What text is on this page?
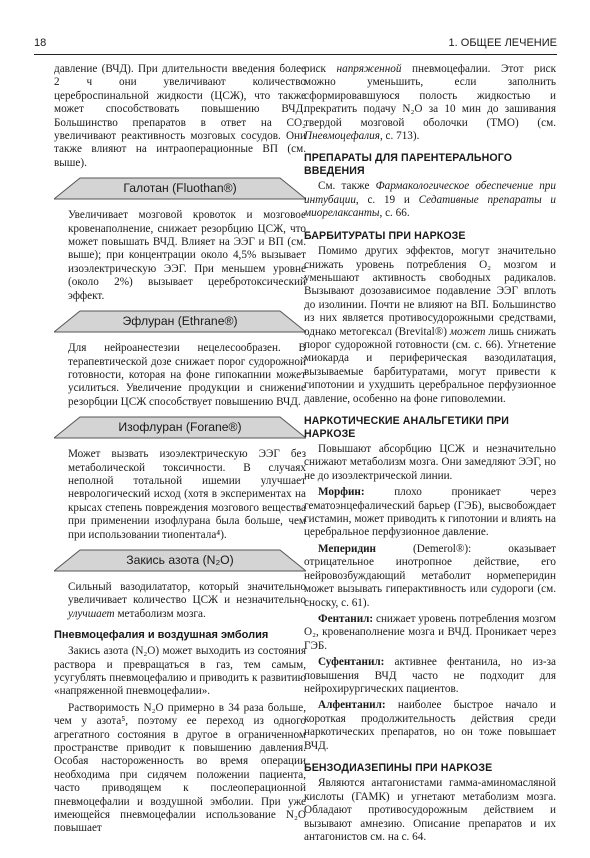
18	1. ОБЩЕЕ ЛЕЧЕНИЕ

давление (ВЧД). При длительности введения более 2 ч они увеличивают количество цереброспинальной жидкости (ЦСЖ), что также может способствовать повышению ВЧД. Большинство препаратов в ответ на CO₂ увеличивают реактивность мозговых сосудов. Они также влияют на интраоперационные ВП (см. выше).

Галотан (Fluothan®)

Увеличивает мозговой кровоток и мозговое кровенаполнение, снижает резорбцию ЦСЖ, что может повышать ВЧД. Влияет на ЭЭГ и ВП (см. выше); при концентрации около 4,5% вызывает изоэлектрическую ЭЭГ. При меньшем уровне (около 2%) вызывает церебротоксический эффект.

Эфлуран (Ethrane®)

Для нейроанестезии нецелесообразен. В терапевтической дозе снижает порог судорожной готовности, которая на фоне гипокапнии может усилиться. Увеличение продукции и снижение резорбции ЦСЖ способствует повышению ВЧД.

Изофлуран (Forane®)

Может вызвать изоэлектрическую ЭЭГ без метаболической токсичности. В случаях неполной тотальной ишемии улучшает неврологический исход (хотя в экспериментах на крысах степень повреждения мозгового вещества при применении изофлурана была больше, чем при использовании тиопентала⁴).

Закись азота (N₂O)

Сильный вазодилататор, который значительно увеличивает количество ЦСЖ и незначительно улучшает метаболизм мозга.

Пневмоцефалия и воздушная эмболия

Закись азота (N₂O) может выходить из состояния раствора и превращаться в газ, тем самым, усугублять пневмоцефалию и приводить к развитию «напряженной пневмоцефалии».

Растворимость N₂O примерно в 34 раза больше, чем у азота⁵, поэтому ее переход из одного агрегатного состояния в другое в ограниченном пространстве приводит к повышению давления. Особая настороженность во время операции необходима при сидячем положении пациента, часто приводящем к послеоперационной пневмоцефалии и воздушной эмболии. При уже имеющейся пневмоцефалии использование N₂O повышает

риск напряженной пневмоцефалии. Этот риск можно уменьшить, если заполнить сформировавшуюся полость жидкостью и прекратить подачу N₂O за 10 мин до зашивания твердой мозговой оболочки (ТМО) (см. Пневмоцефалия, с. 713).

ПРЕПАРАТЫ ДЛЯ ПАРЕНТЕРАЛЬНОГО ВВЕДЕНИЯ

См. также Фармакологическое обеспечение при интубации, с. 19 и Седативные препараты и миорелаксанты, с. 66.

БАРБИТУРАТЫ ПРИ НАРКОЗЕ

Помимо других эффектов, могут значительно снижать уровень потребления O₂ мозгом и уменьшают активность свободных радикалов. Вызывают дозозависимое подавление ЭЭГ вплоть до изолинии. Почти не влияют на ВП. Большинство из них является противосудорожными средствами, однако метогексал (Brevital®) может лишь снижать порог судорожной готовности (см. с. 66). Угнетение миокарда и периферическая вазодилатация, вызываемые барбитуратами, могут привести к гипотонии и ухудшить церебральное перфузионное давление, особенно на фоне гиповолемии.

НАРКОТИЧЕСКИЕ АНАЛЬГЕТИКИ ПРИ НАРКОЗЕ

Повышают абсорбцию ЦСЖ и незначительно снижают метаболизм мозга. Они замедляют ЭЭГ, но не до изоэлектрической линии.

Морфин: плохо проникает через гематоэнцефалический барьер (ГЭБ), высвобождает гистамин, может приводить к гипотонии и влиять на церебральное перфузионное давление.

Меперидин (Demerol®): оказывает отрицательное инотропное действие, его нейровозбуждающий метаболит нормеперидин может вызывать гиперактивность или судороги (см. сноску, с. 61).

Фентанил: снижает уровень потребления мозгом O₂, кровенаполнение мозга и ВЧД. Проникает через ГЭБ.

Суфентанил: активнее фентанила, но из-за повышения ВЧД часто не подходит для нейрохирургических пациентов.

Алфентанил: наиболее быстрое начало и короткая продолжительность действия среди наркотических препаратов, но он тоже повышает ВЧД.

БЕНЗОДИАЗЕПИНЫ ПРИ НАРКОЗЕ

Являются антагонистами гамма-аминомасляной кислоты (ГАМК) и угнетают метаболизм мозга. Обладают противосудорожным действием и вызывают амнезию. Описание препаратов и их антагонистов см. на с. 64.
